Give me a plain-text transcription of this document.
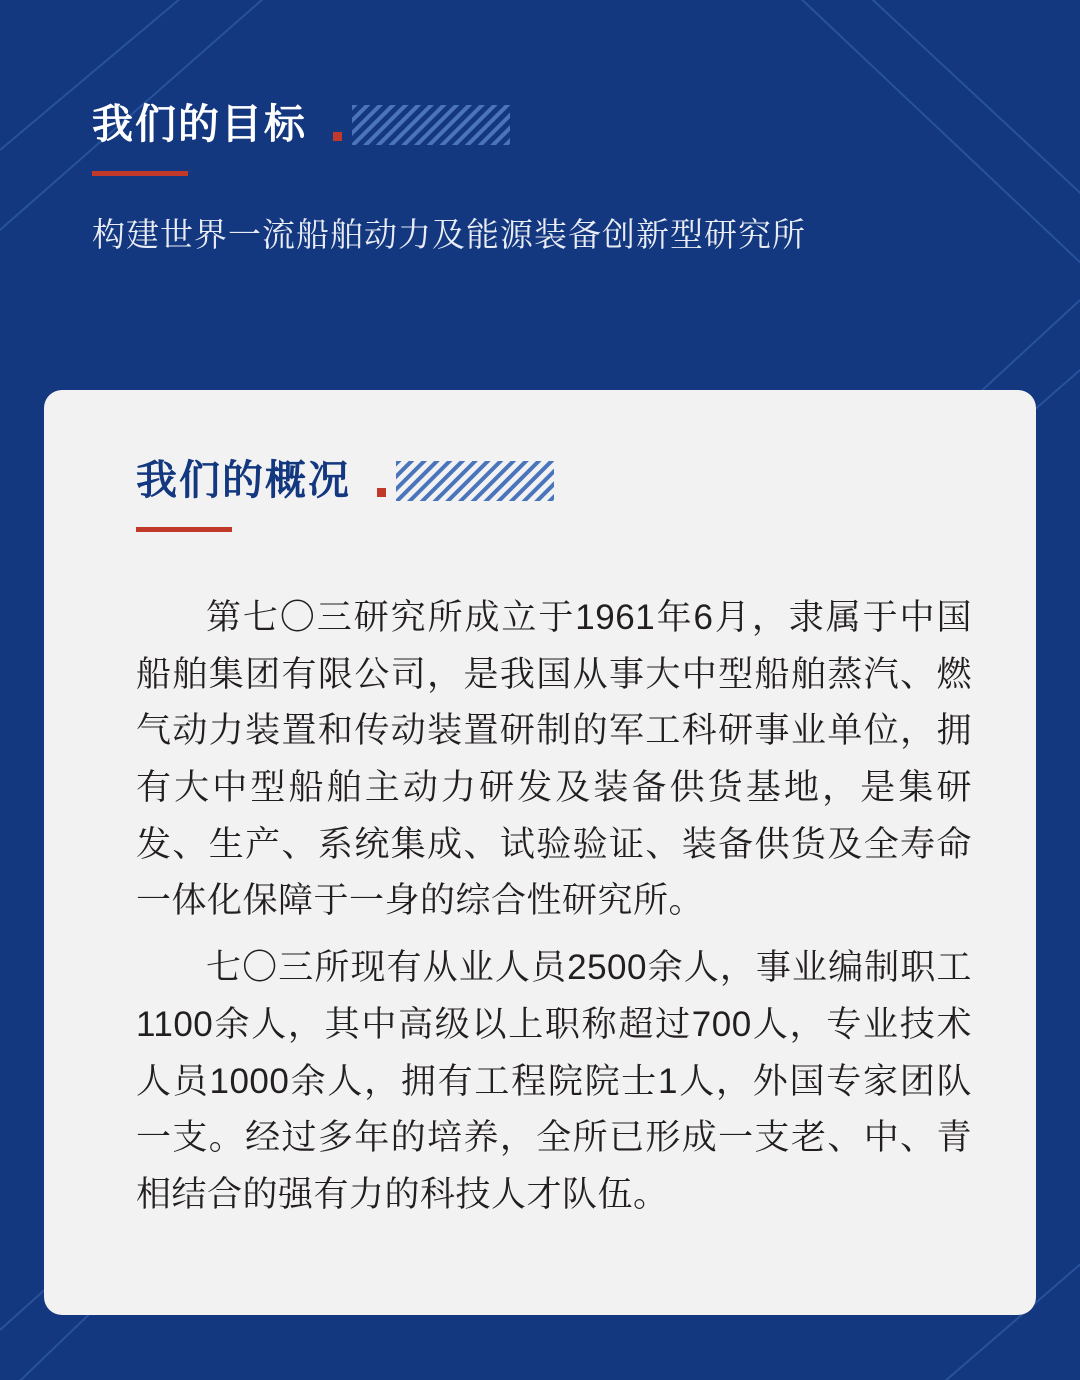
我们的目标
构建世界一流船舶动力及能源装备创新型研究所
我们的概况

第七〇三研究所成立于1961年6月，隶属于中国船舶集团有限公司，是我国从事大中型船舶蒸汽、燃气动力装置和传动装置研制的军工科研事业单位，拥有大中型船舶主动力研发及装备供货基地，是集研发、生产、系统集成、试验验证、装备供货及全寿命一体化保障于一身的综合性研究所。

七〇三所现有从业人员2500余人，事业编制职工1100余人，其中高级以上职称超过700人，专业技术人员1000余人，拥有工程院院士1人，外国专家团队一支。经过多年的培养，全所已形成一支老、中、青相结合的强有力的科技人才队伍。
